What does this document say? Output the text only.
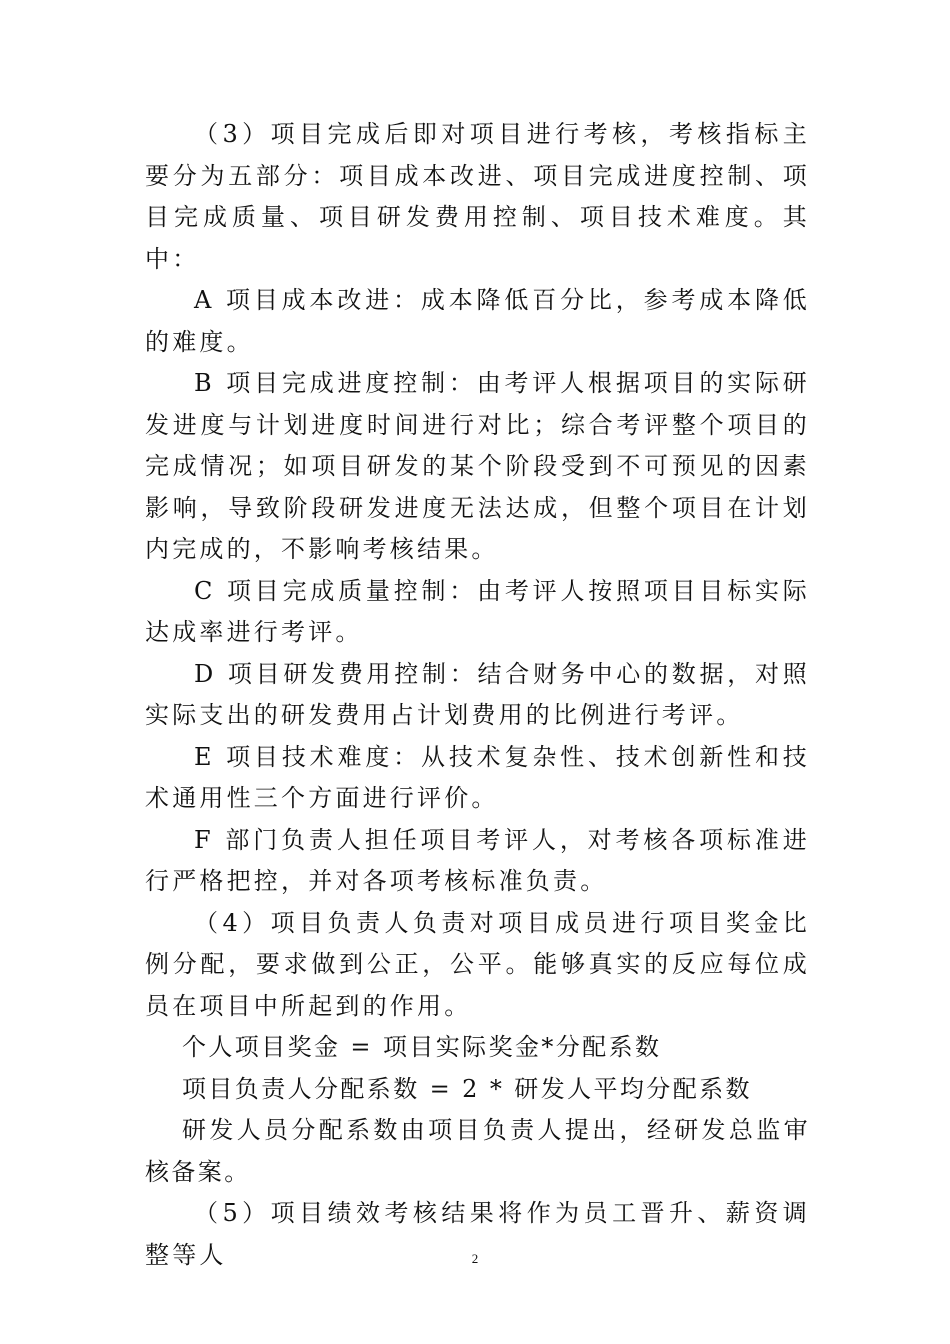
（3）项目完成后即对项目进行考核，考核指标主要分为五部分：项目成本改进、项目完成进度控制、项目完成质量、项目研发费用控制、项目技术难度。其中：

A 项目成本改进：成本降低百分比，参考成本降低的难度。

B 项目完成进度控制：由考评人根据项目的实际研发进度与计划进度时间进行对比；综合考评整个项目的完成情况；如项目研发的某个阶段受到不可预见的因素影响，导致阶段研发进度无法达成，但整个项目在计划内完成的，不影响考核结果。

C 项目完成质量控制：由考评人按照项目目标实际达成率进行考评。

D 项目研发费用控制：结合财务中心的数据，对照实际支出的研发费用占计划费用的比例进行考评。

E 项目技术难度：从技术复杂性、技术创新性和技术通用性三个方面进行评价。

F 部门负责人担任项目考评人，对考核各项标准进行严格把控，并对各项考核标准负责。

（4）项目负责人负责对项目成员进行项目奖金比例分配，要求做到公正，公平。能够真实的反应每位成员在项目中所起到的作用。

个人项目奖金 = 项目实际奖金*分配系数

项目负责人分配系数 = 2 * 研发人平均分配系数

研发人员分配系数由项目负责人提出，经研发总监审核备案。

（5）项目绩效考核结果将作为员工晋升、薪资调整等人	2
